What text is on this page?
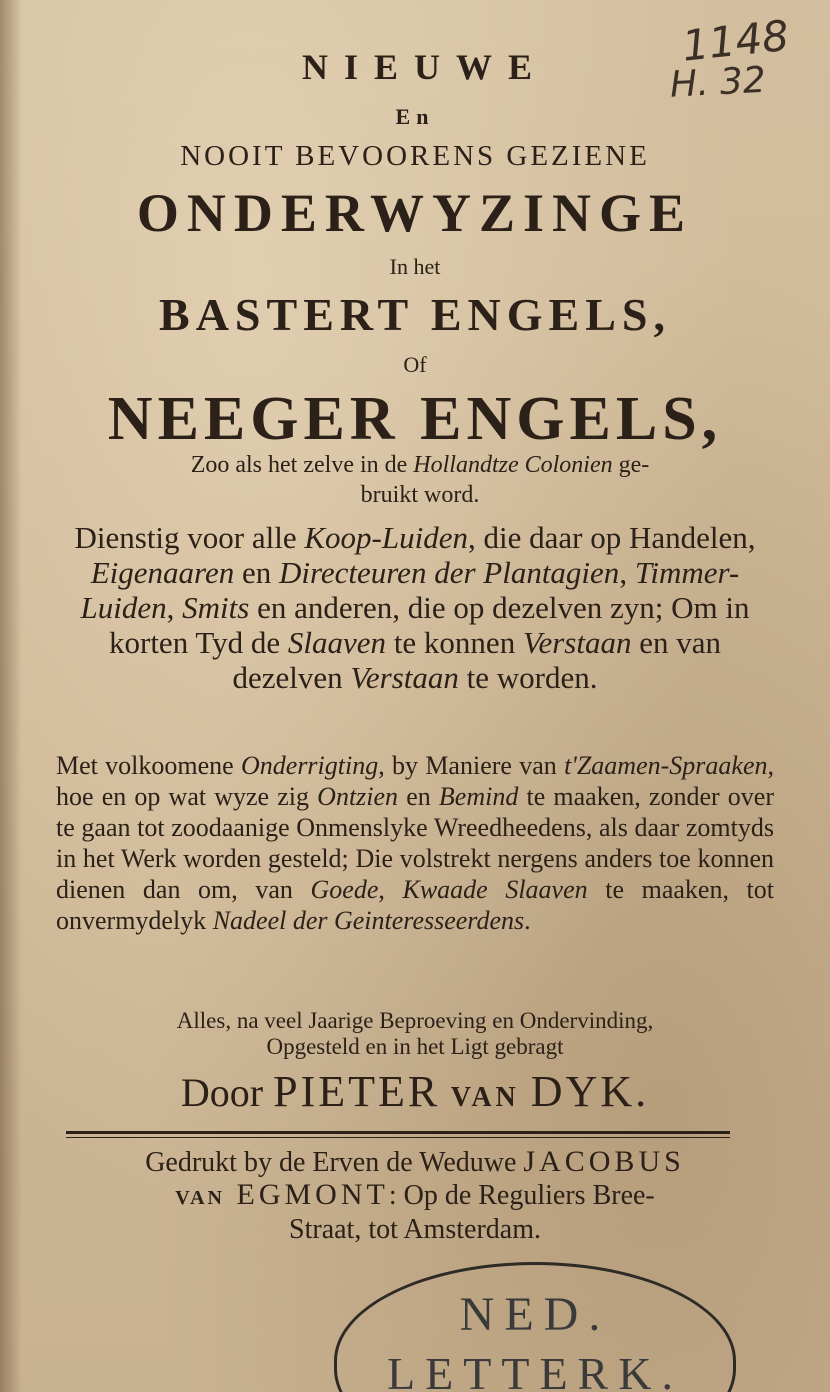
1148
H. 32
NIEUWE
En
NOOIT BEVOORENS GEZIENE
ONDERWYZINGE
In het
BASTERT ENGELS,
Of
NEEGER ENGELS,
Zoo als het zelve in de Hollandtze Colonien ge-
bruikt word.
Dienstig voor alle Koop-Luiden, die daar op Handelen, Eigenaaren en Directeuren der Plantagien, Timmer-Luiden, Smits en anderen, die op dezelven zyn; Om in korten Tyd de Slaaven te konnen Verstaan en van dezelven Verstaan te worden.
Met volkoomene Onderrigting, by Maniere van t'Zaamen-Spraaken, hoe en op wat wyze zig Ontzien en Bemind te maaken, zonder over te gaan tot zoodaanige Onmenslyke Wreedheedens, als daar zomtyds in het Werk worden gesteld; Die volstrekt nergens anders toe konnen dienen dan om, van Goede, Kwaade Slaaven te maaken, tot onvermydelyk Nadeel der Geinteresseerdens.
Alles, na veel Jaarige Beproeving en Ondervinding,
Opgesteld en in het Ligt gebragt
Door PIETER VAN DYK.
Gedrukt by de Erven de Weduwe JACOBUS
VAN EGMONT: Op de Reguliers Bree-
Straat, tot Amsterdam.
NED.
LETTERK.
